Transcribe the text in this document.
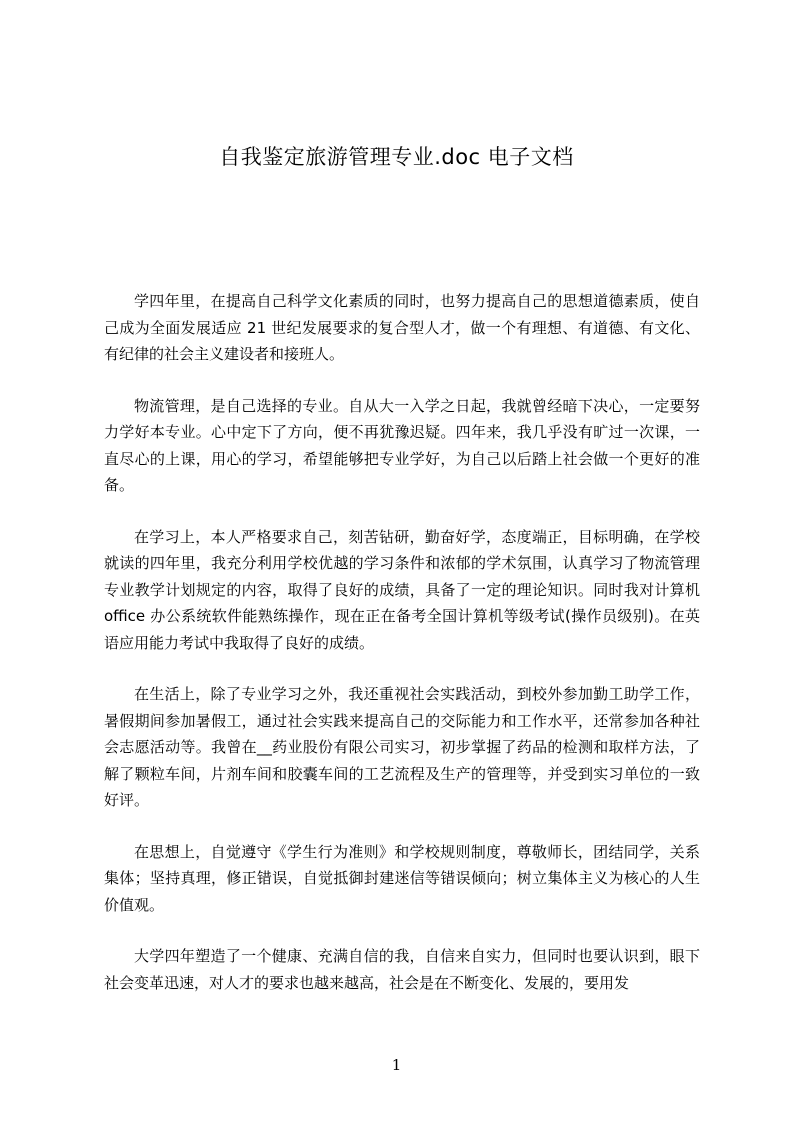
自我鉴定旅游管理专业.doc 电子文档

学四年里，在提高自己科学文化素质的同时，也努力提高自己的思想道德素质，使自己成为全面发展适应 21 世纪发展要求的复合型人才，做一个有理想、有道德、有文化、有纪律的社会主义建设者和接班人。

物流管理，是自己选择的专业。自从大一入学之日起，我就曾经暗下决心，一定要努力学好本专业。心中定下了方向，便不再犹豫迟疑。四年来，我几乎没有旷过一次课，一直尽心的上课，用心的学习，希望能够把专业学好，为自己以后踏上社会做一个更好的准备。

在学习上，本人严格要求自己，刻苦钻研，勤奋好学，态度端正，目标明确，在学校就读的四年里，我充分利用学校优越的学习条件和浓郁的学术氛围，认真学习了物流管理专业教学计划规定的内容，取得了良好的成绩，具备了一定的理论知识。同时我对计算机 office 办公系统软件能熟练操作，现在正在备考全国计算机等级考试(操作员级别)。在英语应用能力考试中我取得了良好的成绩。

在生活上，除了专业学习之外，我还重视社会实践活动，到校外参加勤工助学工作，暑假期间参加暑假工，通过社会实践来提高自己的交际能力和工作水平，还常参加各种社会志愿活动等。我曾在__药业股份有限公司实习，初步掌握了药品的检测和取样方法，了解了颗粒车间，片剂车间和胶囊车间的工艺流程及生产的管理等，并受到实习单位的一致好评。

在思想上，自觉遵守《学生行为准则》和学校规则制度，尊敬师长，团结同学，关系集体；坚持真理，修正错误，自觉抵御封建迷信等错误倾向；树立集体主义为核心的人生价值观。

大学四年塑造了一个健康、充满自信的我，自信来自实力，但同时也要认识到，眼下社会变革迅速，对人才的要求也越来越高，社会是在不断变化、发展的，要用发

1
